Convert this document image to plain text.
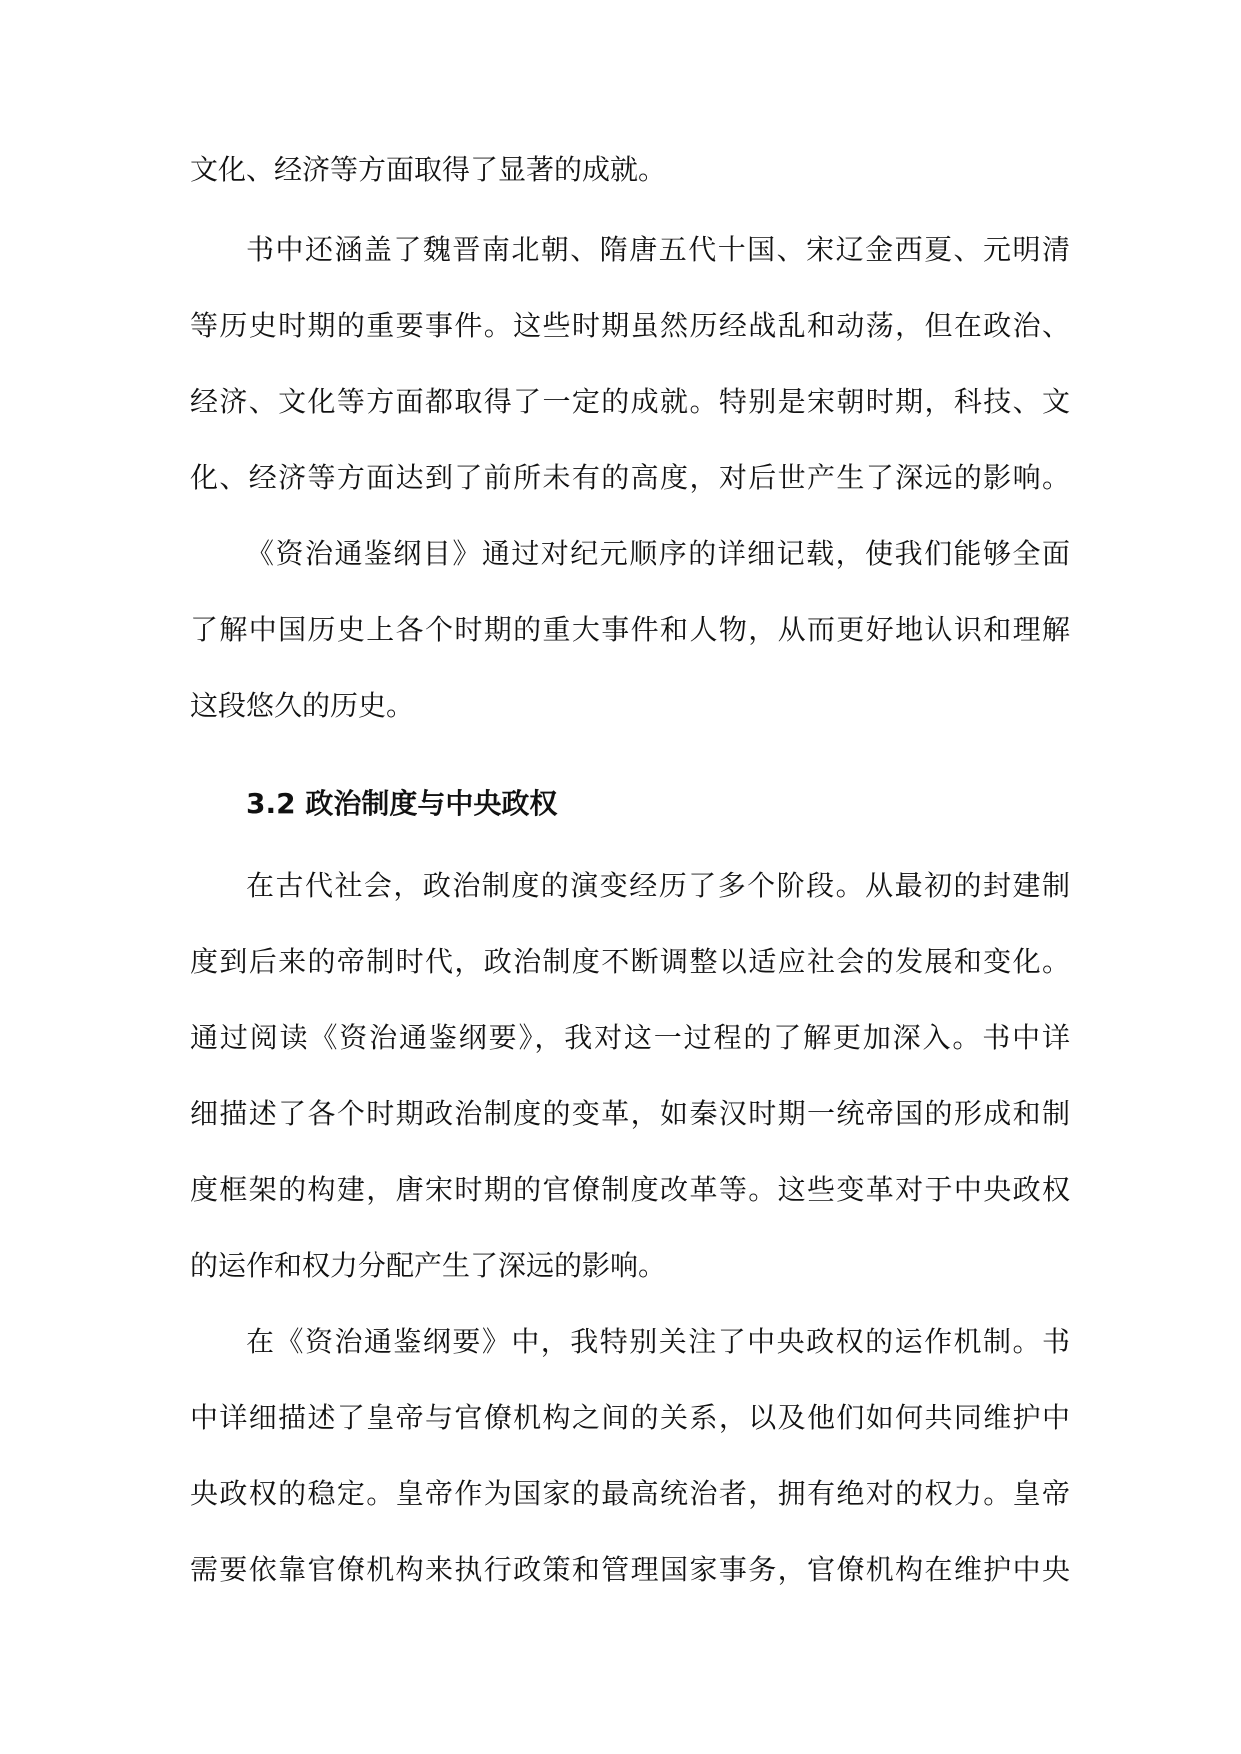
文化、经济等方面取得了显著的成就。
书中还涵盖了魏晋南北朝、隋唐五代十国、宋辽金西夏、元明清
等历史时期的重要事件。这些时期虽然历经战乱和动荡，但在政治、
经济、文化等方面都取得了一定的成就。特别是宋朝时期，科技、文
化、经济等方面达到了前所未有的高度，对后世产生了深远的影响。
《资治通鉴纲目》通过对纪元顺序的详细记载，使我们能够全面
了解中国历史上各个时期的重大事件和人物，从而更好地认识和理解
这段悠久的历史。
3.2 政治制度与中央政权
在古代社会，政治制度的演变经历了多个阶段。从最初的封建制
度到后来的帝制时代，政治制度不断调整以适应社会的发展和变化。
通过阅读《资治通鉴纲要》，我对这一过程的了解更加深入。书中详
细描述了各个时期政治制度的变革，如秦汉时期一统帝国的形成和制
度框架的构建，唐宋时期的官僚制度改革等。这些变革对于中央政权
的运作和权力分配产生了深远的影响。
在《资治通鉴纲要》中，我特别关注了中央政权的运作机制。书
中详细描述了皇帝与官僚机构之间的关系，以及他们如何共同维护中
央政权的稳定。皇帝作为国家的最高统治者，拥有绝对的权力。皇帝
需要依靠官僚机构来执行政策和管理国家事务，官僚机构在维护中央
